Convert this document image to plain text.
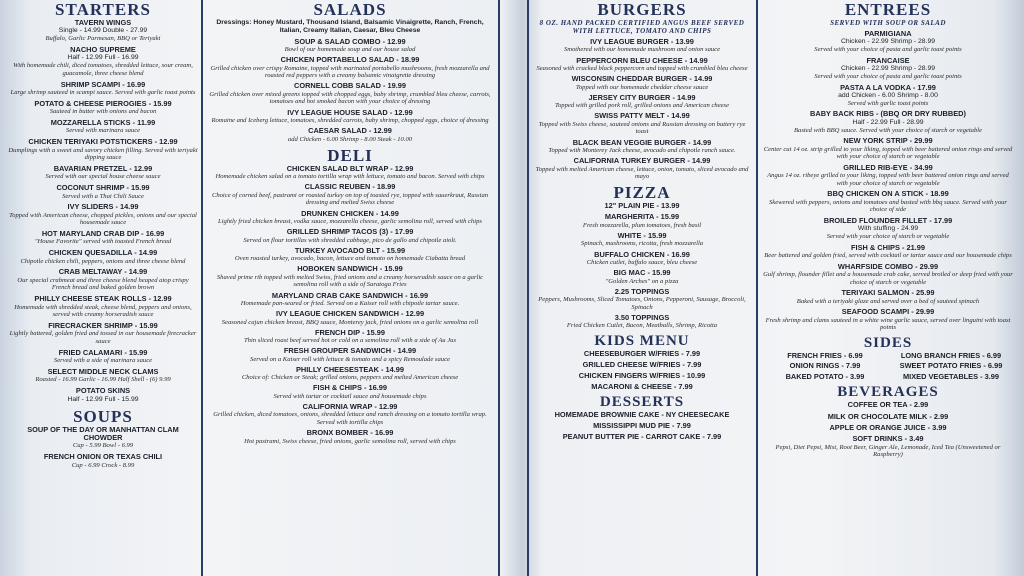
STARTERS
TAVERN WINGS
Single - 14.99 Double - 27.99
Buffalo, Garlic Parmesan, BBQ or Teriyaki
NACHO SUPREME
Half - 12.99 Full - 16.99
With homemade chili, diced tomatoes, shredded lettuce, sour cream, guacamole, three cheese blend
SHRIMP SCAMPI - 16.99
Large shrimp sauteed in scampi sauce. Served with garlic toast points
POTATO & CHEESE PIEROGIES - 15.99
Sauteed in butter with onions and bacon
MOZZARELLA STICKS - 11.99
Served with marinara sauce
CHICKEN TERIYAKI POTSTICKERS - 12.99
Dumplings with a sweet and savory chicken filling. Served with teriyaki dipping sauce
BAVARIAN PRETZEL - 12.99
Served with our special house cheese sauce
COCONUT SHRIMP - 15.99
Served with a Thai Chili Sauce
IVY SLIDERS - 14.99
Topped with American cheese, chopped pickles, onions and our special housemade sauce
HOT MARYLAND CRAB DIP - 16.99
"House Favorite" served with toasted French bread
CHICKEN QUESADILLA - 14.99
Chipotle chicken chili, peppers, onions and three cheese blend
CRAB MELTAWAY - 14.99
Our special crabmeat and three cheese blend heaped atop crispy French bread and baked golden brown
PHILLY CHEESE STEAK ROLLS - 12.99
Homemade with shredded steak, cheese blend, peppers and onions, served with creamy horseradish sauce
FIRECRACKER SHRIMP - 15.99
Lightly battered, golden fried and tossed in our housemade firecracker sauce
FRIED CALAMARI - 15.99
Served with a side of marinara sauce
SELECT MIDDLE NECK CLAMS
Roasted - 16.99 Garlic - 16.99 Half Shell - (6) 9.99
POTATO SKINS
Half - 12.99 Full - 15.99
SOUPS
SOUP OF THE DAY OR MANHATTAN CLAM CHOWDER
Cup - 5.99 Bowl - 6.99
FRENCH ONION OR TEXAS CHILI
Cup - 6.99 Crock - 8.99
SALADS
Dressings: Honey Mustard, Thousand Island, Balsamic Vinaigrette, Ranch, French, Italian, Creamy Italian, Caesar, Bleu Cheese
SOUP & SALAD COMBO - 12.99
Bowl of our homemade soup and our house salad
CHICKEN PORTABELLO SALAD - 18.99
Grilled chicken over crispy Romaine, topped with marinated portabello mushrooms, fresh mozzarella and roasted red peppers with a creamy balsamic vinaigrette dressing
CORNELL COBB SALAD - 19.99
Grilled chicken over mixed greens topped with chopped eggs, baby shrimp, crumbled bleu cheese, carrots, tomatoes and hot smoked bacon with your choice of dressing
IVY LEAGUE HOUSE SALAD - 12.99
Romaine and Iceberg lettuce, tomatoes, shredded carrots, baby shrimp, chopped eggs, choice of dressing
CAESAR SALAD - 12.99
add Chicken - 6.00 Shrimp - 8.00 Steak - 10.00
DELI
CHICKEN SALAD BLT WRAP - 12.99
Homemade chicken salad on a tomato tortilla wrap with lettuce, tomato and bacon. Served with chips
CLASSIC REUBEN - 18.99
Choice of corned beef, pastrami or roasted turkey on top of toasted rye, topped with sauerkraut, Russian dressing and melted Swiss cheese
DRUNKEN CHICKEN - 14.99
Lightly fried chicken breast, vodka sauce, mozzarella cheese, garlic semolina roll, served with chips
GRILLED SHRIMP TACOS (3) - 17.99
Served on flour tortillas with shredded cabbage, pico de gallo and chipotle aioli.
TURKEY AVOCADO BLT - 15.99
Oven roasted turkey, avocado, bacon, lettuce and tomato on homemade Ciabatta bread
HOBOKEN SANDWICH - 15.99
Shaved prime rib topped with melted Swiss, fried onions and a creamy horseradish sauce on a garlic semolina roll with a side of Saratoga Fries
MARYLAND CRAB CAKE SANDWICH - 16.99
Homemade pan-seared or fried. Served on a Kaiser roll with chipotle tartar sauce.
IVY LEAGUE CHICKEN SANDWICH - 12.99
Seasoned cajun chicken breast, BBQ sauce, Monterey jack, fried onions on a garlic semolina roll
FRENCH DIP - 15.99
Thin sliced roast beef served hot or cold on a semolina roll with a side of Au Jus
FRESH GROUPER SANDWICH - 14.99
Served on a Kaiser roll with lettuce & tomato and a spicy Remoulade sauce
PHILLY CHEESESTEAK - 14.99
Choice of: Chicken or Steak; grilled onions, peppers and melted American cheese
FISH & CHIPS - 16.99
Served with tartar or cocktail sauce and housemade chips
CALIFORNIA WRAP - 12.99
Grilled chicken, diced tomatoes, onions, shredded lettuce and ranch dressing on a tomato tortilla wrap. Served with tortilla chips
BRONX BOMBER - 16.99
Hot pastrami, Swiss cheese, fried onions, garlic semolina roll, served with chips
BURGERS
8 OZ. HAND PACKED CERTIFIED ANGUS BEEF SERVED WITH LETTUCE, TOMATO AND CHIPS
IVY LEAGUE BURGER - 13.99
Smothered with our homemade mushroom and onion sauce
PEPPERCORN BLEU CHEESE - 14.99
Seasoned with cracked black peppercorn and topped with crumbled bleu cheese
WISCONSIN CHEDDAR BURGER - 14.99
Topped with our homemade cheddar cheese sauce
JERSEY CITY BURGER - 14.99
Topped with grilled pork roll, grilled onions and American cheese
SWISS PATTY MELT - 14.99
Topped with Swiss cheese, sauteed onions and Russian dressing on buttery rye toast
BLACK BEAN VEGGIE BURGER - 14.99
Topped with Monterey Jack cheese, avocado and chipotle ranch sauce.
CALIFORNIA TURKEY BURGER - 14.99
Topped with melted American cheese, lettuce, onion, tomato, sliced avocado and mayo
PIZZA
12" PLAIN PIE - 13.99
MARGHERITA - 15.99
Fresh mozzarella, plum tomatoes, fresh basil
WHITE - 15.99
Spinach, mushrooms, ricotta, fresh mozzarella
BUFFALO CHICKEN - 16.99
Chicken cutlet, buffalo sauce, bleu cheese
BIG MAC - 15.99
"Golden Arches" on a pizza
2.25 TOPPINGS
Peppers, Mushrooms, Sliced Tomatoes, Onions, Pepperoni, Sausage, Broccoli, Spinach
3.50 TOPPINGS
Fried Chicken Cutlet, Bacon, Meatballs, Shrimp, Ricotta
KIDS MENU
CHEESEBURGER W/FRIES - 7.99
GRILLED CHEESE W/FRIES - 7.99
CHICKEN FINGERS W/FRIES - 10.99
MACARONI & CHEESE - 7.99
DESSERTS
HOMEMADE BROWNIE CAKE - NY CHEESECAKE
MISSISSIPPI MUD PIE - 7.99
PEANUT BUTTER PIE - CARROT CAKE - 7.99
ENTREES
SERVED WITH SOUP OR SALAD
PARMIGIANA
Chicken - 22.99 Shrimp - 28.99
Served with your choice of pasta and garlic toast points
FRANCAISE
Chicken - 22.99 Shrimp - 28.99
Served with your choice of pasta and garlic toast points
PASTA A LA VODKA - 17.99
add Chicken - 6.00 Shrimp - 8.00
Served with garlic toast points
BABY BACK RIBS - (BBQ OR DRY RUBBED)
Half - 22.99 Full - 28.99
Basted with BBQ sauce. Served with your choice of starch or vegetable
NEW YORK STRIP - 29.99
Center cut 14 oz. strip grilled to your liking, topped with beer battered onion rings and served with your choice of starch or vegetable
GRILLED RIB-EYE - 34.99
Angus 14 oz. ribeye grilled to your liking, topped with beer battered onion rings and served with your choice of starch or vegetable
BBQ CHICKEN ON A STICK - 18.99
Skewered with peppers, onions and tomatoes and basted with bbq sauce. Served with your choice of side
BROILED FLOUNDER FILLET - 17.99
With stuffing - 24.99
Served with your choice of starch or vegetable
FISH & CHIPS - 21.99
Beer battered and golden fried, served with cocktail or tartar sauce and our housemade chips
WHARFSIDE COMBO - 29.99
Gulf shrimp, flounder fillet and a housemade crab cake, served broiled or deep fried with your choice of starch or vegetable
TERIYAKI SALMON - 25.99
Baked with a teriyaki glaze and served over a bed of sauteed spinach
SEAFOOD SCAMPI - 29.99
Fresh shrimp and clams sauteed in a white wine garlic sauce, served over linguini with toast points
SIDES
FRENCH FRIES - 6.99	LONG BRANCH FRIES - 6.99
ONION RINGS - 7.99	SWEET POTATO FRIES - 6.99
BAKED POTATO - 3.99	MIXED VEGETABLES - 3.99
BEVERAGES
COFFEE OR TEA - 2.99
MILK OR CHOCOLATE MILK - 2.99
APPLE OR ORANGE JUICE - 3.99
SOFT DRINKS - 3.49
Pepsi, Diet Pepsi, Mist, Root Beer, Ginger Ale, Lemonade, Iced Tea (Unsweetened or Raspberry)
